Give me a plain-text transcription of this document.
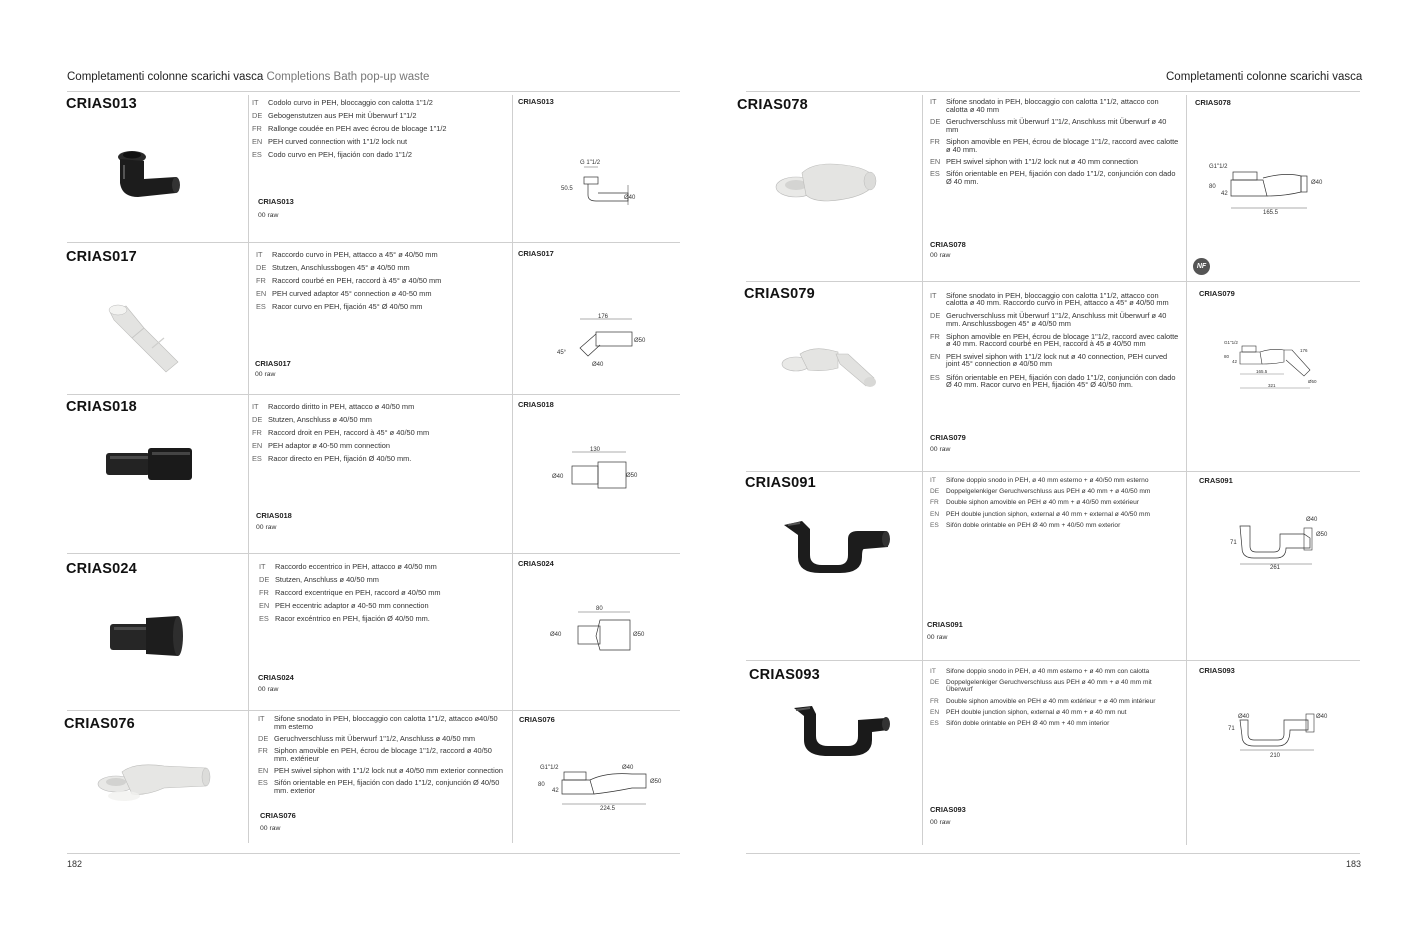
Completamenti colonne scarichi vasca Completions Bath pop-up waste
182
CRIAS013	IT	Codolo curvo in PEH, bloccaggio con calotta 1"1/2
DE Gebogenstutzen aus PEH mit Überwurf 1"1/2
FR Rallonge coudée en PEH avec écrou de blocage 1"1/2
EN PEH curved connection with 1"1/2 lock nut
ES Codo curvo en PEH, fijación con dado 1"1/2
CRIAS013
00 raw
CRIAS013
G 1"1/2
50.5
Ø40
CRIAS017	IT	Raccordo curvo in PEH, attacco a 45° ø 40/50 mm
DE Stutzen, Anschlussbogen 45° ø 40/50 mm
FR Raccord courbé en PEH, raccord à 45° ø 40/50 mm
EN PEH curved adaptor 45° connection ø 40-50 mm
ES Racor curvo en PEH, fijación 45° Ø 40/50 mm
CRIAS017
00 raw
CRIAS017
176
Ø50
45°
Ø40
CRIAS018	IT	Raccordo diritto in PEH, attacco ø 40/50 mm
DE Stutzen, Anschluss ø 40/50 mm
FR Raccord droit en PEH, raccord à 45° ø 40/50 mm
EN PEH adaptor ø 40-50 mm connection
ES Racor directo en PEH, fijación Ø 40/50 mm.
CRIAS018
00 raw
CRIAS018
130
Ø40	Ø50
CRIAS024	IT	Raccordo eccentrico in PEH, attacco ø 40/50 mm
DE Stutzen, Anschluss ø 40/50 mm
FR Raccord excentrique en PEH, raccord ø 40/50 mm
EN PEH eccentric adaptor ø 40-50 mm connection
ES Racor excéntrico en PEH, fijación Ø 40/50 mm.
CRIAS024
00 raw
CRIAS024
80
Ø40	Ø50
CRIAS076	IT	Sifone snodato in PEH, bloccaggio con calotta 1"1/2, attacco ø40/50 mm esterno
DE Geruchverschluss mit Überwurf 1"1/2, Anschluss ø 40/50 mm
FR Siphon amovible en PEH, écrou de blocage 1"1/2, raccord ø 40/50 mm. extérieur
EN PEH swivel siphon with 1"1/2 lock nut ø 40/50 mm exterior connection
ES Sifón orientable en PEH, fijación con dado 1"1/2, conjunción Ø 40/50 mm. exterior
CRIAS076
00 raw
CRIAS076
G1"1/2	Ø40
80
42
Ø50
224.5
Completamenti colonne scarichi vasca
183
CRIAS078	IT	Sifone snodato in PEH, bloccaggio con calotta 1"1/2, attacco con calotta ø 40 mm
DE Geruchverschluss mit Überwurf 1"1/2, Anschluss mit Überwurf ø 40 mm
FR Siphon amovible en PEH, écrou de blocage 1"1/2, raccord avec calotte ø 40 mm.
EN PEH swivel siphon with 1"1/2 lock nut ø 40 mm connection
ES Sifón orientable en PEH, fijación con dado 1"1/2, conjunción con dado Ø 40 mm.
CRIAS078
00 raw
CRIAS078
G1"1/2
80
42
Ø40
165.5
NF
CRIAS079	IT	Sifone snodato in PEH, bloccaggio con calotta 1"1/2, attacco con calotta ø 40 mm. Raccordo curvo in PEH, attacco a 45° ø 40/50 mm
DE Geruchverschluss mit Überwurf 1"1/2, Anschluss mit Überwurf ø 40 mm. Anschlussbogen 45° ø 40/50 mm
FR Siphon amovible en PEH, écrou de blocage 1"1/2, raccord avec calotte ø 40 mm. Raccord courbé en PEH, raccord à 45 ø 40/50 mm
EN PEH swivel siphon with 1"1/2 lock nut ø 40 connection, PEH curved joint 45° connection ø 40/50 mm
ES Sifón orientable en PEH, fijación con dado 1"1/2, conjunción con dado Ø 40 mm. Racor curvo en PEH, fijación 45° Ø 40/50 mm.
CRIAS079
00 raw
CRIAS079
G1"1/2
80
42
165.5
176
321
Ø50
CRIAS091	IT	Sifone doppio snodo in PEH, ø 40 mm esterno + ø 40/50 mm esterno
DE	Doppelgelenkiger Geruchverschluss aus PEH ø 40 mm + ø 40/50 mm
FR	Double siphon amovible en PEH ø 40 mm + ø 40/50 mm extérieur
EN	PEH double junction siphon, external ø 40 mm + external ø 40/50 mm
ES	Sifón doble orintable en PEH Ø 40 mm + 40/50 mm exterior
CRIAS091
00 raw
CRAS091
Ø40
71
Ø50
261
CRIAS093	IT	Sifone doppio snodo in PEH, ø 40 mm esterno + ø 40 mm con calotta
DE	Doppelgelenkiger Geruchverschluss aus PEH ø 40 mm + ø 40 mm mit Überwurf
FR	Double siphon amovible en PEH ø 40 mm extérieur + ø 40 mm intérieur
EN	PEH double junction siphon, external ø 40 mm + ø 40 mm nut
ES	Sifón doble orintable en PEH Ø 40 mm + 40 mm interior
CRIAS093
00 raw
CRIAS093
Ø40	Ø40
71
210
